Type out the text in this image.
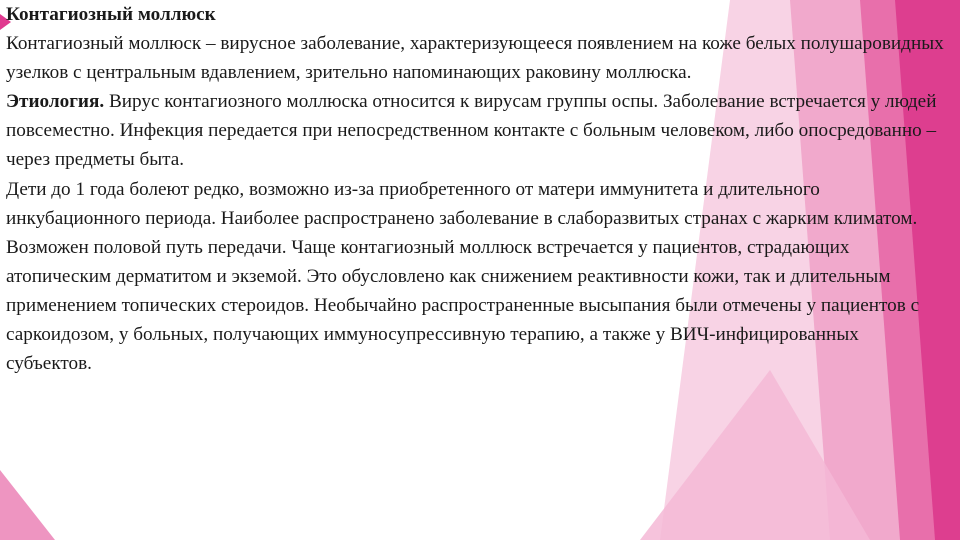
Контагиозный моллюск

Контагиозный моллюск – вирусное заболевание, характеризующееся появлением на коже белых полушаровидных узелков с центральным вдавлением, зрительно напоминающих раковину моллюска.

Этиология. Вирус контагиозного моллюска относится к вирусам группы оспы. Заболевание встречается у людей повсеместно. Инфекция передается при непосредственном контакте с больным человеком, либо опосредованно – через предметы быта.

Дети до 1 года болеют редко, возможно из-за приобретенного от матери иммунитета и длительного инкубационного периода. Наиболее распространено заболевание в слаборазвитых странах с жарким климатом. Возможен половой путь передачи. Чаще контагиозный моллюск встречается у пациентов, страдающих атопическим дерматитом и экземой. Это обусловлено как снижением реактивности кожи, так и длительным применением топических стероидов. Необычайно распространенные высыпания были отмечены у пациентов с саркоидозом, у больных, получающих иммуносупрессивную терапию, а также у ВИЧ-инфицированных субъектов.
